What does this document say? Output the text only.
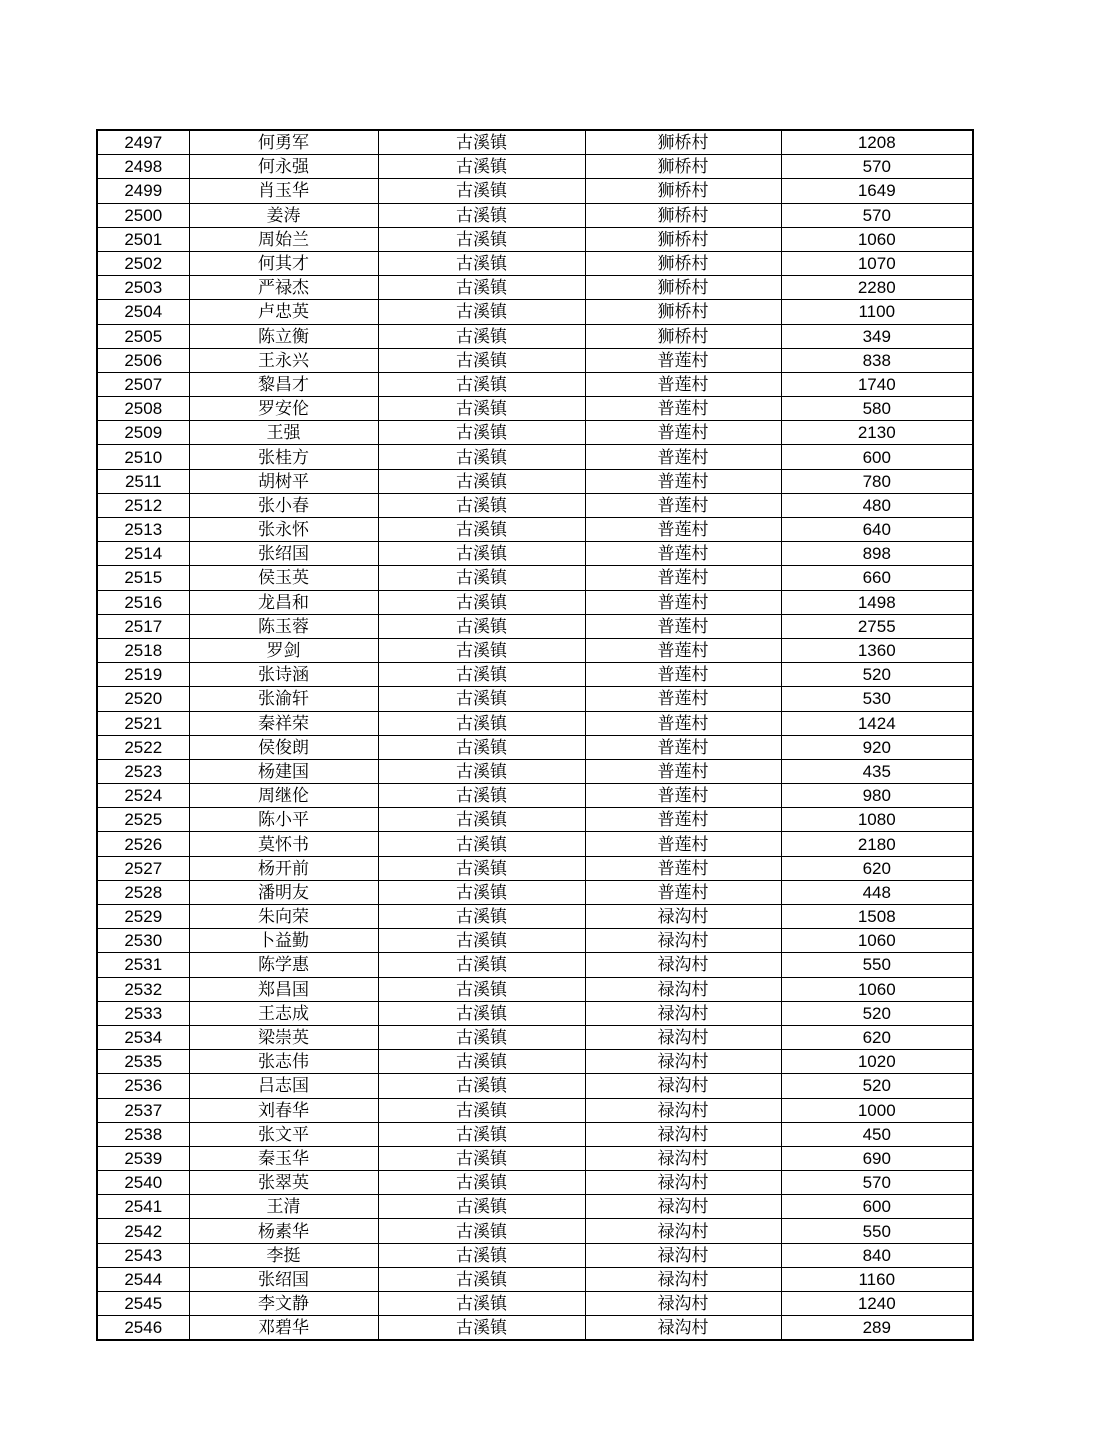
2497	何勇军	古溪镇	狮桥村	1208
2498	何永强	古溪镇	狮桥村	570
2499	肖玉华	古溪镇	狮桥村	1649
2500	姜涛	古溪镇	狮桥村	570
2501	周始兰	古溪镇	狮桥村	1060
2502	何其才	古溪镇	狮桥村	1070
2503	严禄杰	古溪镇	狮桥村	2280
2504	卢忠英	古溪镇	狮桥村	1100
2505	陈立衡	古溪镇	狮桥村	349
2506	王永兴	古溪镇	普莲村	838
2507	黎昌才	古溪镇	普莲村	1740
2508	罗安伦	古溪镇	普莲村	580
2509	王强	古溪镇	普莲村	2130
2510	张桂方	古溪镇	普莲村	600
2511	胡树平	古溪镇	普莲村	780
2512	张小春	古溪镇	普莲村	480
2513	张永怀	古溪镇	普莲村	640
2514	张绍国	古溪镇	普莲村	898
2515	侯玉英	古溪镇	普莲村	660
2516	龙昌和	古溪镇	普莲村	1498
2517	陈玉蓉	古溪镇	普莲村	2755
2518	罗剑	古溪镇	普莲村	1360
2519	张诗涵	古溪镇	普莲村	520
2520	张渝轩	古溪镇	普莲村	530
2521	秦祥荣	古溪镇	普莲村	1424
2522	侯俊朗	古溪镇	普莲村	920
2523	杨建国	古溪镇	普莲村	435
2524	周继伦	古溪镇	普莲村	980
2525	陈小平	古溪镇	普莲村	1080
2526	莫怀书	古溪镇	普莲村	2180
2527	杨开前	古溪镇	普莲村	620
2528	潘明友	古溪镇	普莲村	448
2529	朱向荣	古溪镇	禄沟村	1508
2530	卜益勤	古溪镇	禄沟村	1060
2531	陈学惠	古溪镇	禄沟村	550
2532	郑昌国	古溪镇	禄沟村	1060
2533	王志成	古溪镇	禄沟村	520
2534	梁崇英	古溪镇	禄沟村	620
2535	张志伟	古溪镇	禄沟村	1020
2536	吕志国	古溪镇	禄沟村	520
2537	刘春华	古溪镇	禄沟村	1000
2538	张文平	古溪镇	禄沟村	450
2539	秦玉华	古溪镇	禄沟村	690
2540	张翠英	古溪镇	禄沟村	570
2541	王清	古溪镇	禄沟村	600
2542	杨素华	古溪镇	禄沟村	550
2543	李挺	古溪镇	禄沟村	840
2544	张绍国	古溪镇	禄沟村	1160
2545	李文静	古溪镇	禄沟村	1240
2546	邓碧华	古溪镇	禄沟村	289
